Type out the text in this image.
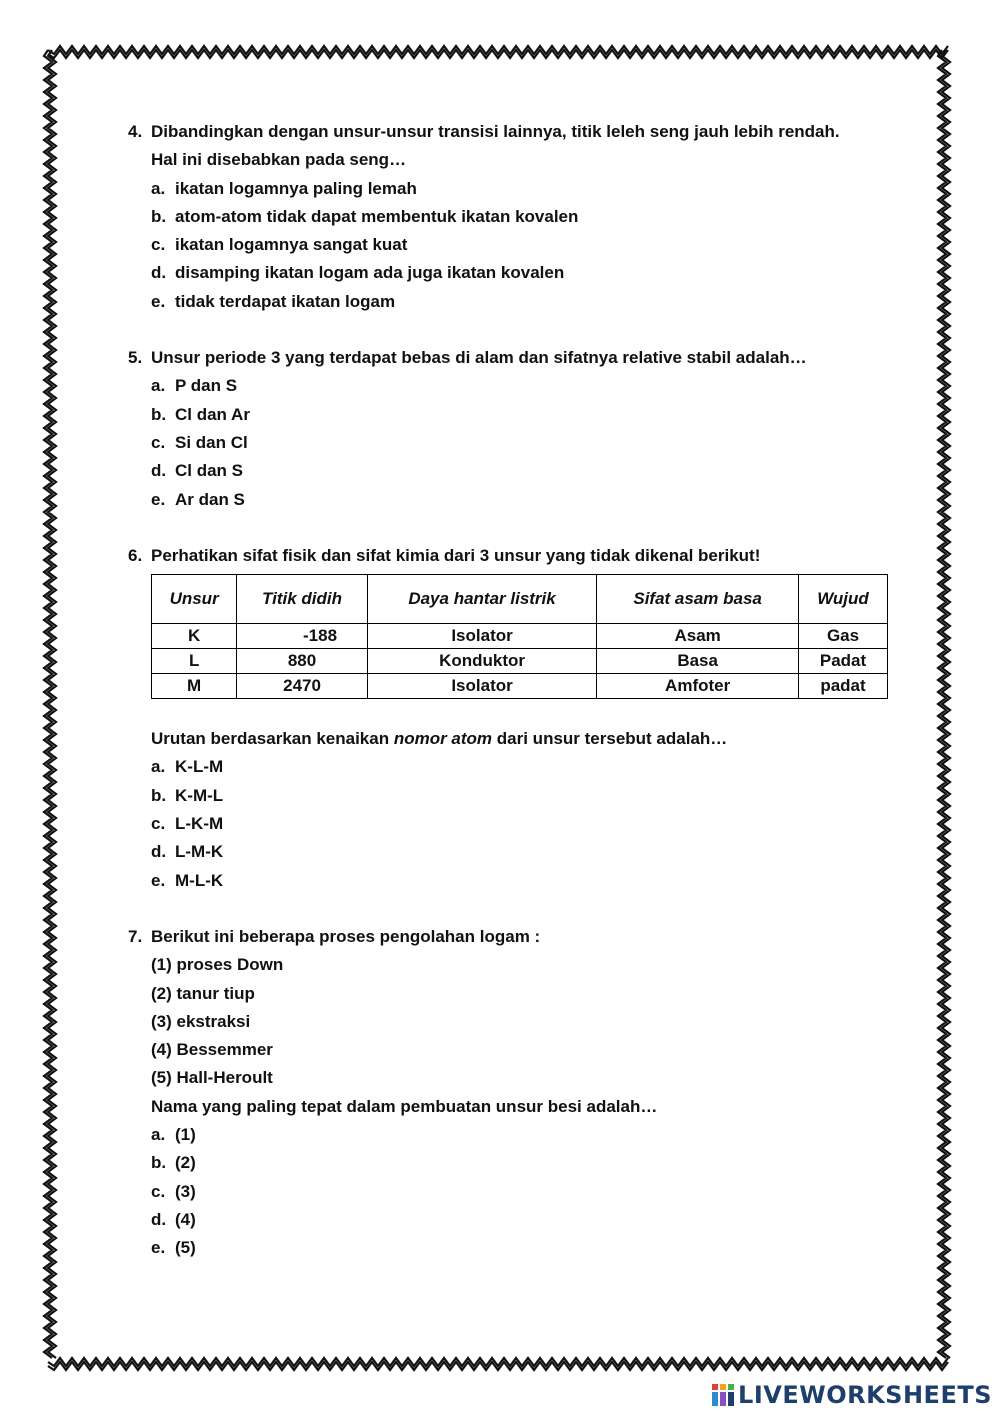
4. Dibandingkan dengan unsur-unsur transisi lainnya, titik leleh seng jauh lebih rendah.
Hal ini disebabkan pada seng…
a. ikatan logamnya paling lemah
b. atom-atom tidak dapat membentuk ikatan kovalen
c. ikatan logamnya sangat kuat
d. disamping ikatan logam ada juga ikatan kovalen
e. tidak terdapat ikatan logam
5. Unsur periode 3 yang terdapat bebas di alam dan sifatnya relative stabil adalah…
a. P dan S
b. Cl dan Ar
c. Si dan Cl
d. Cl dan S
e. Ar dan S
6. Perhatikan sifat fisik dan sifat kimia dari 3 unsur yang tidak dikenal berikut!
Unsur	Titik didih	Daya hantar listrik	Sifat asam basa	Wujud
K	-188	Isolator	Asam	Gas
L	880	Konduktor	Basa	Padat
M	2470	Isolator	Amfoter	padat
Urutan berdasarkan kenaikan nomor atom dari unsur tersebut adalah…
a. K-L-M
b. K-M-L
c. L-K-M
d. L-M-K
e. M-L-K
7. Berikut ini beberapa proses pengolahan logam :
(1) proses Down
(2) tanur tiup
(3) ekstraksi
(4) Bessemmer
(5) Hall-Heroult
Nama yang paling tepat dalam pembuatan unsur besi adalah…
a. (1)
b. (2)
c. (3)
d. (4)
e. (5)
LIVEWORKSHEETS
